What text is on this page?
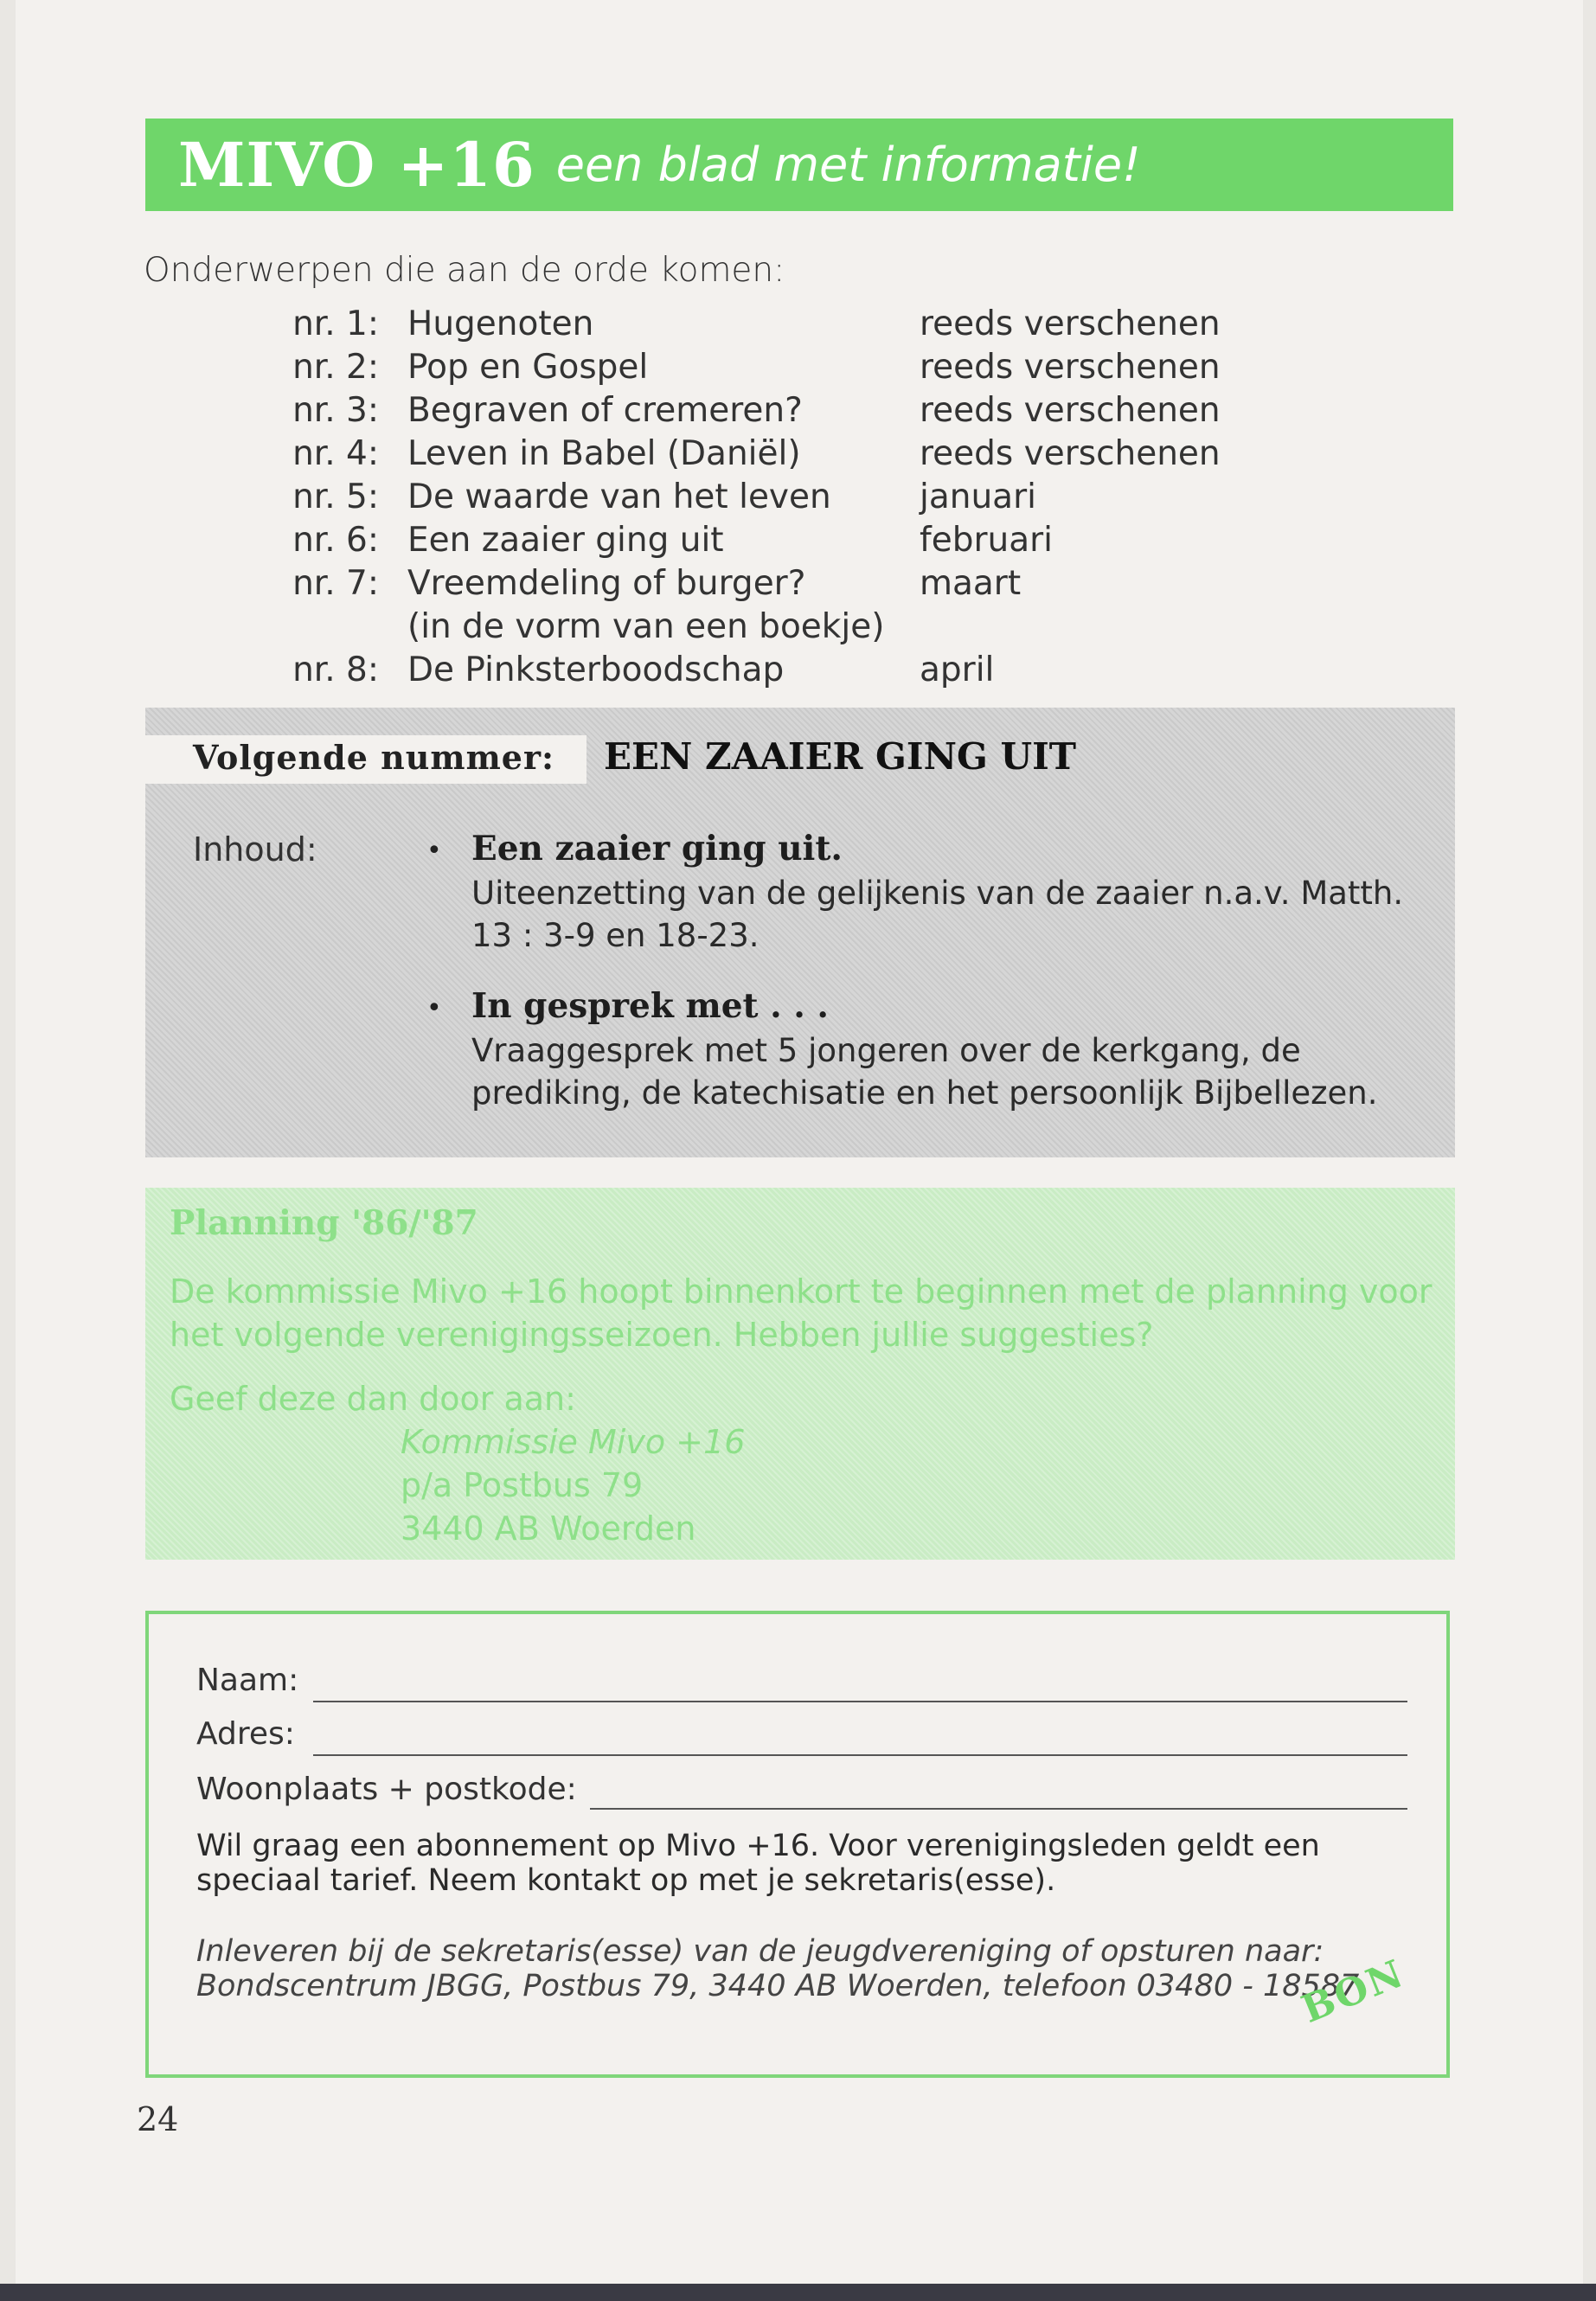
MIVO +16 een blad met informatie!
Onderwerpen die aan de orde komen:
nr. 1: Hugenoten	reeds verschenen
nr. 2: Pop en Gospel	reeds verschenen
nr. 3: Begraven of cremeren?	reeds verschenen
nr. 4: Leven in Babel (Daniël)	reeds verschenen
nr. 5: De waarde van het leven	januari
nr. 6: Een zaaier ging uit	februari
nr. 7: Vreemdeling of burger?	maart
(in de vorm van een boekje)
nr. 8: De Pinksterboodschap	april
Volgende nummer: EEN ZAAIER GING UIT
Inhoud:	• Een zaaier ging uit.
Uiteenzetting van de gelijkenis van de zaaier n.a.v. Matth. 13 : 3-9 en 18-23.
• In gesprek met . . .
Vraaggesprek met 5 jongeren over de kerkgang, de prediking, de katechisatie en het persoonlijk Bijbellezen.
Planning '86/'87
De kommissie Mivo +16 hoopt binnenkort te beginnen met de planning voor het volgende verenigingsseizoen. Hebben jullie suggesties?
Geef deze dan door aan:
Kommissie Mivo +16
p/a Postbus 79
3440 AB Woerden
Naam:
Adres:
Woonplaats + postkode:
Wil graag een abonnement op Mivo +16. Voor verenigingsleden geldt een speciaal tarief. Neem kontakt op met je sekretaris(esse).
Inleveren bij de sekretaris(esse) van de jeugdvereniging of opsturen naar: Bondscentrum JBGG, Postbus 79, 3440 AB Woerden, telefoon 03480 - 18587.
BON
24
